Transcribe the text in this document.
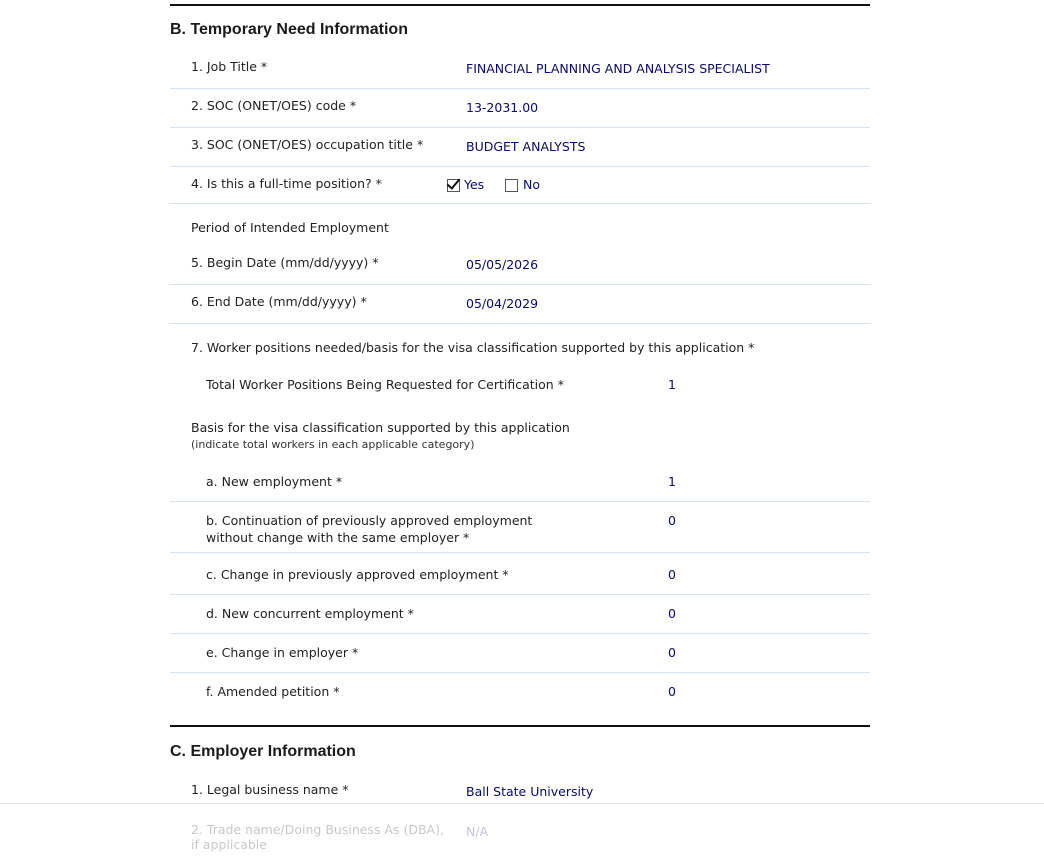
B. Temporary Need Information
1. Job Title *	FINANCIAL PLANNING AND ANALYSIS SPECIALIST
2. SOC (ONET/OES) code *	13-2031.00
3. SOC (ONET/OES) occupation title *	BUDGET ANALYSTS
4. Is this a full-time position? *	Yes	No
Period of Intended Employment
5. Begin Date (mm/dd/yyyy) *	05/05/2026
6. End Date (mm/dd/yyyy) *	05/04/2029
7. Worker positions needed/basis for the visa classification supported by this application *
Total Worker Positions Being Requested for Certification *	1
Basis for the visa classification supported by this application
(indicate total workers in each applicable category)
a. New employment *	1
b. Continuation of previously approved employment
without change with the same employer *
0
c. Change in previously approved employment *	0
d. New concurrent employment *	0
e. Change in employer *	0
f. Amended petition *	0
C. Employer Information
1. Legal business name *	Ball State University
